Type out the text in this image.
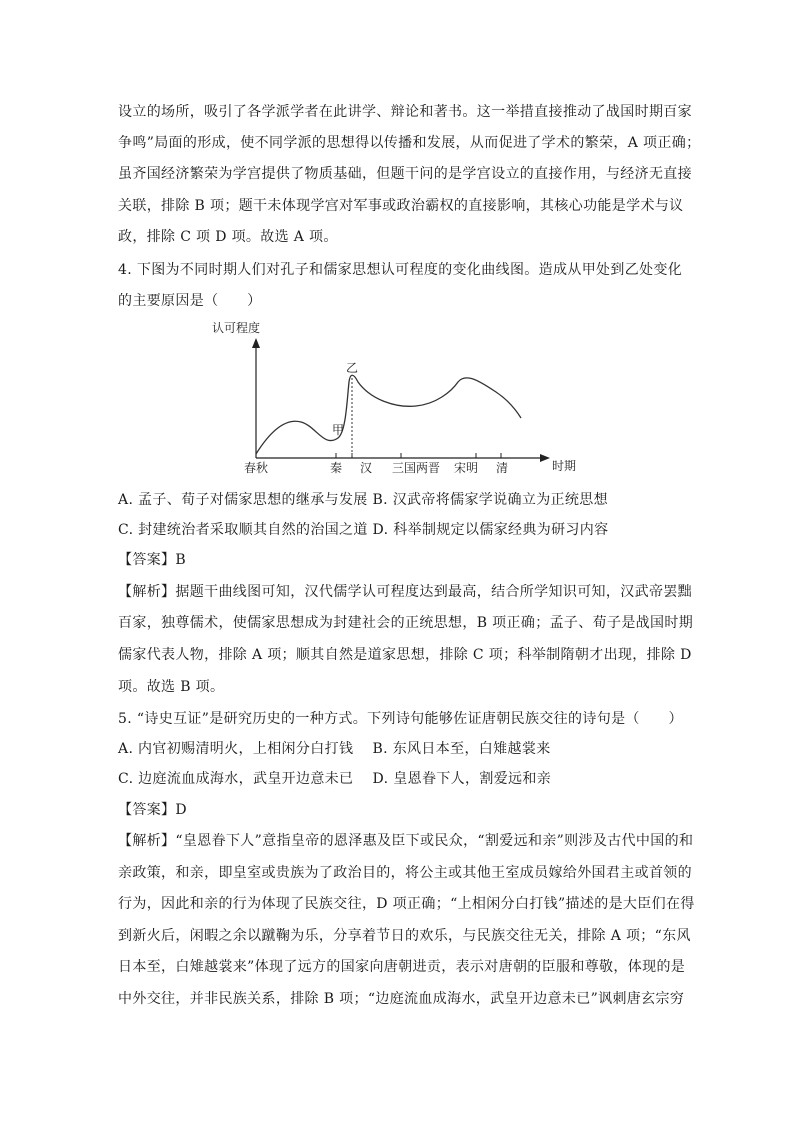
设立的场所，吸引了各学派学者在此讲学、辩论和著书。这一举措直接推动了战国时期百家
争鸣”局面的形成，使不同学派的思想得以传播和发展，从而促进了学术的繁荣，A 项正确；
虽齐国经济繁荣为学宫提供了物质基础，但题干问的是学宫设立的直接作用，与经济无直接
关联，排除 B 项；题干未体现学宫对军事或政治霸权的直接影响，其核心功能是学术与议
政，排除 C 项 D 项。故选 A 项。
4. 下图为不同时期人们对孔子和儒家思想认可程度的变化曲线图。造成从甲处到乙处变化
的主要原因是（　　）
认可程度
时期
春秋	秦 汉 三国两晋 宋明 清
甲
乙
A. 孟子、荀子对儒家思想的继承与发展 B. 汉武帝将儒家学说确立为正统思想
C. 封建统治者采取顺其自然的治国之道 D. 科举制规定以儒家经典为研习内容
【答案】B
【解析】据题干曲线图可知，汉代儒学认可程度达到最高，结合所学知识可知，汉武帝罢黜
百家，独尊儒术，使儒家思想成为封建社会的正统思想，B 项正确；孟子、荀子是战国时期
儒家代表人物，排除 A 项；顺其自然是道家思想，排除 C 项；科举制隋朝才出现，排除 D
项。故选 B 项。
5. “诗史互证”是研究历史的一种方式。下列诗句能够佐证唐朝民族交往的诗句是（　　）
A. 内官初赐清明火，上相闲分白打钱　 B. 东风日本至，白雉越裳来
C. 边庭流血成海水，武皇开边意未已　 D. 皇恩眷下人，割爱远和亲
【答案】D
【解析】“皇恩眷下人”意指皇帝的恩泽惠及臣下或民众，“割爱远和亲”则涉及古代中国的和
亲政策，和亲，即皇室或贵族为了政治目的，将公主或其他王室成员嫁给外国君主或首领的
行为，因此和亲的行为体现了民族交往，D 项正确；“上相闲分白打钱”描述的是大臣们在得
到新火后，闲暇之余以蹴鞠为乐，分享着节日的欢乐，与民族交往无关，排除 A 项；“东风
日本至，白雉越裳来”体现了远方的国家向唐朝进贡，表示对唐朝的臣服和尊敬，体现的是
中外交往，并非民族关系，排除 B 项；“边庭流血成海水，武皇开边意未已”讽刺唐玄宗穷
